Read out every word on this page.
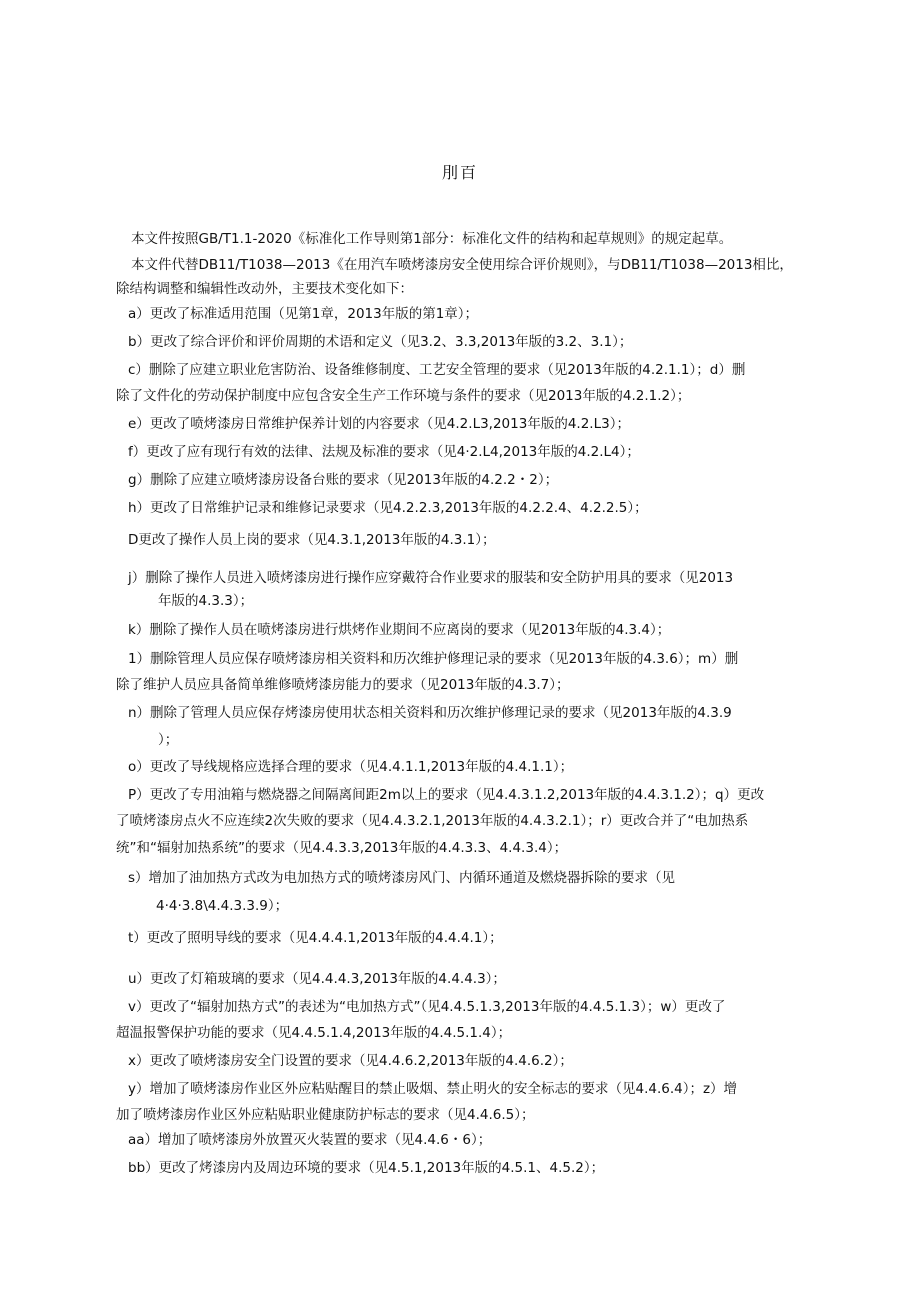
刖百
本文件按照GB/T1.1-2020《标准化工作导则第1部分：标准化文件的结构和起草规则》的规定起草。
本文件代替DB11/T1038—2013《在用汽车喷烤漆房安全使用综合评价规则》，与DB11/T1038—2013相比，
除结构调整和编辑性改动外，主要技术变化如下：
a）更改了标准适用范围（见第1章，2013年版的第1章）；
b）更改了综合评价和评价周期的术语和定义（见3.2、3.3,2013年版的3.2、3.1）；
c）删除了应建立职业危害防治、设备维修制度、工艺安全管理的要求（见2013年版的4.2.1.1）；d）删
除了文件化的劳动保护制度中应包含安全生产工作环境与条件的要求（见2013年版的4.2.1.2）；
e）更改了喷烤漆房日常维护保养计划的内容要求（见4.2.L3,2013年版的4.2.L3）；
f）更改了应有现行有效的法律、法规及标准的要求（见4·2.L4,2013年版的4.2.L4）；
g）删除了应建立喷烤漆房设备台账的要求（见2013年版的4.2.2・2）；
h）更改了日常维护记录和维修记录要求（见4.2.2.3,2013年版的4.2.2.4、4.2.2.5）；
D更改了操作人员上岗的要求（见4.3.1,2013年版的4.3.1）；
j）删除了操作人员进入喷烤漆房进行操作应穿戴符合作业要求的服装和安全防护用具的要求（见2013
年版的4.3.3）；
k）删除了操作人员在喷烤漆房进行烘烤作业期间不应离岗的要求（见2013年版的4.3.4）；
1）删除管理人员应保存喷烤漆房相关资料和历次维护修理记录的要求（见2013年版的4.3.6）；m）删
除了维护人员应具备简单维修喷烤漆房能力的要求（见2013年版的4.3.7）；
n）删除了管理人员应保存烤漆房使用状态相关资料和历次维护修理记录的要求（见2013年版的4.3.9
）；
o）更改了导线规格应选择合理的要求（见4.4.1.1,2013年版的4.4.1.1）；
P）更改了专用油箱与燃烧器之间隔离间距2m以上的要求（见4.4.3.1.2,2013年版的4.4.3.1.2）；q）更改
了喷烤漆房点火不应连续2次失败的要求（见4.4.3.2.1,2013年版的4.4.3.2.1）；r）更改合并了“电加热系
统”和“辐射加热系统”的要求（见4.4.3.3,2013年版的4.4.3.3、4.4.3.4）；
s）增加了油加热方式改为电加热方式的喷烤漆房风门、内循环通道及燃烧器拆除的要求（见
4·4·3.8\4.4.3.3.9）；
t）更改了照明导线的要求（见4.4.4.1,2013年版的4.4.4.1）；
u）更改了灯箱玻璃的要求（见4.4.4.3,2013年版的4.4.4.3）；
v）更改了“辐射加热方式”的表述为“电加热方式”（见4.4.5.1.3,2013年版的4.4.5.1.3）；w）更改了
超温报警保护功能的要求（见4.4.5.1.4,2013年版的4.4.5.1.4）；
x）更改了喷烤漆房安全门设置的要求（见4.4.6.2,2013年版的4.4.6.2）；
y）增加了喷烤漆房作业区外应粘贴醒目的禁止吸烟、禁止明火的安全标志的要求（见4.4.6.4）；z）增
加了喷烤漆房作业区外应粘贴职业健康防护标志的要求（见4.4.6.5）；
aa）增加了喷烤漆房外放置灭火装置的要求（见4.4.6・6）；
bb）更改了烤漆房内及周边环境的要求（见4.5.1,2013年版的4.5.1、4.5.2）；
